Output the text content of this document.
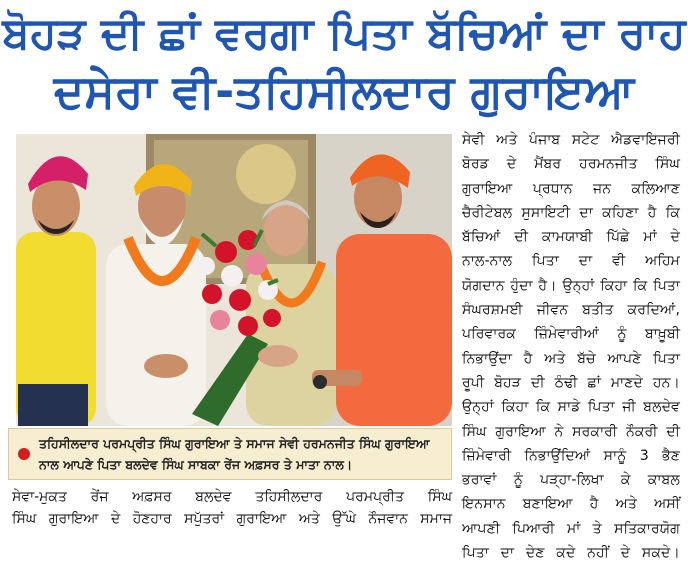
ਬੋਹੜ ਦੀ ਛਾਂ ਵਰਗਾ ਪਿਤਾ ਬੱਚਿਆਂ ਦਾ ਰਾਹ
ਦਸੇਰਾ ਵੀ-ਤਹਿਸੀਲਦਾਰ ਗੁਰਾਇਆ
ਤਹਿਸੀਲਦਾਰ ਪਰਮਪ੍ਰੀਤ ਸਿੰਘ ਗੁਰਾਇਆ ਤੇ ਸਮਾਜ ਸੇਵੀ ਹਰਮਨਜੀਤ ਸਿੰਘ ਗੁਰਾਇਆ
ਨਾਲ ਆਪਣੇ ਪਿਤਾ ਬਲਦੇਵ ਸਿੰਘ ਸਾਬਕਾ ਰੇਂਜ ਅਫ਼ਸਰ ਤੇ ਮਾਤਾ ਨਾਲ।

ਸੇਵਾ-ਮੁਕਤ ਰੇਂਜ ਅਫ਼ਸਰ ਬਲਦੇਵ ਤਹਿਸੀਲਦਾਰ ਪਰਮਪ੍ਰੀਤ ਸਿੰਘ

ਸਿੰਘ ਗੁਰਾਇਆ ਦੇ ਹੋਣਹਾਰ ਸਪੁੱਤਰਾਂ ਗੁਰਾਇਆ ਅਤੇ ਉੱਘੇ ਨੌਜਵਾਨ ਸਮਾਜ

ਸੇਵੀ ਅਤੇ ਪੰਜਾਬ ਸਟੇਟ ਐਡਵਾਇਜਰੀ

ਬੋਰਡ ਦੇ ਮੈਂਬਰ ਹਰਮਨਜੀਤ ਸਿੰਘ

ਗੁਰਾਇਆ ਪ੍ਰਧਾਨ ਜਨ ਕਲਿਆਣ

ਚੈਰੀਟੇਬਲ ਸੁਸਾਇਟੀ ਦਾ ਕਹਿਣਾ ਹੈ ਕਿ

ਬੱਚਿਆਂ ਦੀ ਕਾਮਯਾਬੀ ਪਿੱਛੇ ਮਾਂ ਦੇ

ਨਾਲ-ਨਾਲ ਪਿਤਾ ਦਾ ਵੀ ਅਹਿਮ

ਯੋਗਦਾਨ ਹੁੰਦਾ ਹੈ। ਉਨ੍ਹਾਂ ਕਿਹਾ ਕਿ ਪਿਤਾ

ਸੰਘਰਸ਼ਮਈ ਜੀਵਨ ਬਤੀਤ ਕਰਦਿਆਂ,

ਪਰਿਵਾਰਕ ਜ਼ਿੰਮੇਵਾਰੀਆਂ ਨੂੰ ਬਾਖ਼ੂਬੀ

ਨਿਭਾਉਂਦਾ ਹੈ ਅਤੇ ਬੱਚੇ ਆਪਣੇ ਪਿਤਾ

ਰੂਪੀ ਬੋਹੜ ਦੀ ਠੰਢੀ ਛਾਂ ਮਾਣਦੇ ਹਨ।

ਉਨ੍ਹਾਂ ਕਿਹਾ ਕਿ ਸਾਡੇ ਪਿਤਾ ਜੀ ਬਲਦੇਵ

ਸਿੰਘ ਗੁਰਾਇਆ ਨੇ ਸਰਕਾਰੀ ਨੌਕਰੀ ਦੀ

ਜ਼ਿੰਮੇਵਾਰੀ ਨਿਭਾਉਂਦਿਆਂ ਸਾਨੂੰ 3 ਭੈਣ

ਭਰਾਵਾਂ ਨੂੰ ਪੜ੍ਹਾ-ਲਿਖਾ ਕੇ ਕਾਬਲ

ਇਨਸਾਨ ਬਣਾਇਆ ਹੈ ਅਤੇ ਅਸੀਂ

ਆਪਣੀ ਪਿਆਰੀ ਮਾਂ ਤੇ ਸਤਿਕਾਰਯੋਗ

ਪਿਤਾ ਦਾ ਦੇਣ ਕਦੇ ਨਹੀਂ ਦੇ ਸਕਦੇ।
